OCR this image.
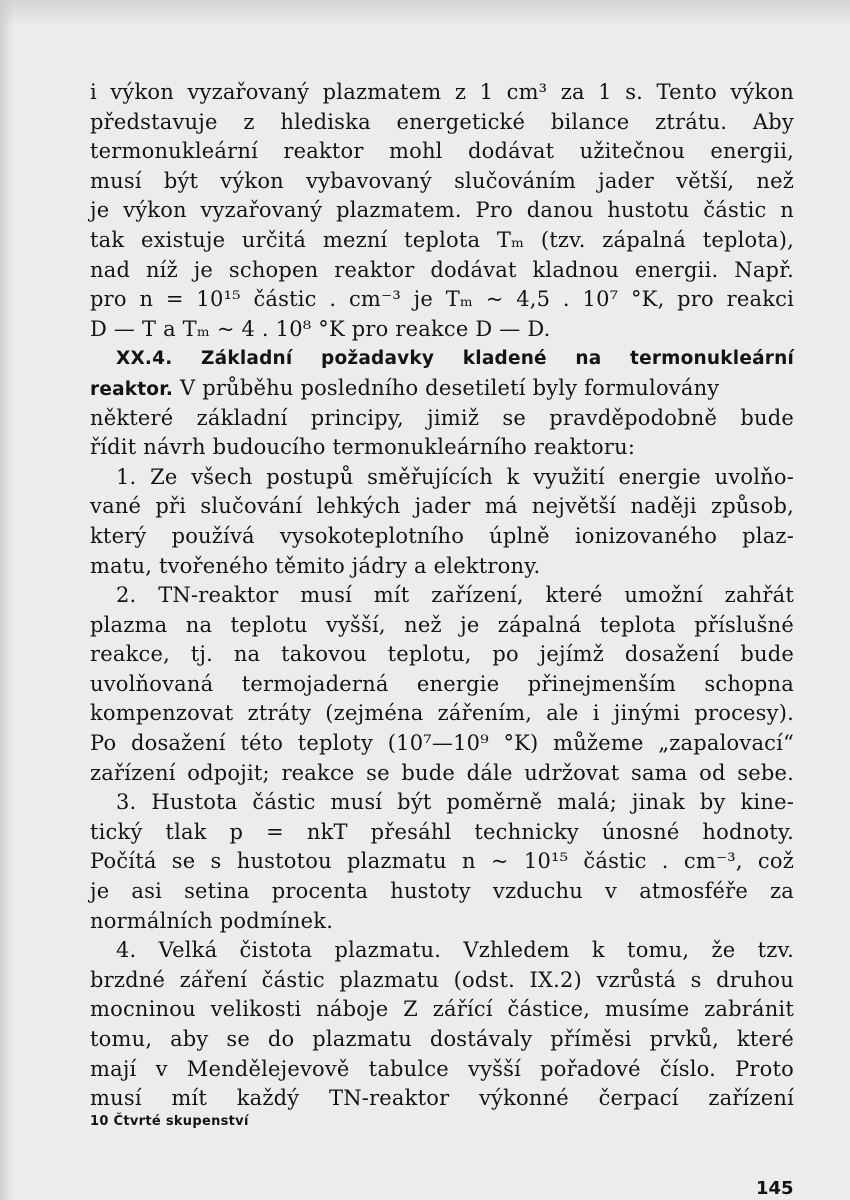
i výkon vyzařovaný plazmatem z 1 cm³ za 1 s. Tento výkon
představuje z hlediska energetické bilance ztrátu. Aby
termonukleární reaktor mohl dodávat užitečnou energii,
musí být výkon vybavovaný slučováním jader větší, než
je výkon vyzařovaný plazmatem. Pro danou hustotu částic n
tak existuje určitá mezní teplota Tₘ (tzv. zápalná teplota),
nad níž je schopen reaktor dodávat kladnou energii. Např.
pro n = 10¹⁵ částic . cm⁻³ je Tₘ ~ 4,5 . 10⁷ °K, pro reakci
D — T a Tₘ ~ 4 . 10⁸ °K pro reakce D — D.
XX.4. Základní požadavky kladené na termonukleární
reaktor. V průběhu posledního desetiletí byly formulovány
některé základní principy, jimiž se pravděpodobně bude
řídit návrh budoucího termonukleárního reaktoru:
1. Ze všech postupů směřujících k využití energie uvolňo-
vané při slučování lehkých jader má největší naději způsob,
který používá vysokoteplotního úplně ionizovaného plaz-
matu, tvořeného těmito jádry a elektrony.
2. TN-reaktor musí mít zařízení, které umožní zahřát
plazma na teplotu vyšší, než je zápalná teplota příslušné
reakce, tj. na takovou teplotu, po jejímž dosažení bude
uvolňovaná termojaderná energie přinejmenším schopna
kompenzovat ztráty (zejména zářením, ale i jinými procesy).
Po dosažení této teploty (10⁷—10⁹ °K) můžeme „zapalovací“
zařízení odpojit; reakce se bude dále udržovat sama od sebe.
3. Hustota částic musí být poměrně malá; jinak by kine-
tický tlak p = nkT přesáhl technicky únosné hodnoty.
Počítá se s hustotou plazmatu n ~ 10¹⁵ částic . cm⁻³, což
je asi setina procenta hustoty vzduchu v atmosféře za
normálních podmínek.
4. Velká čistota plazmatu. Vzhledem k tomu, že tzv.
brzdné záření částic plazmatu (odst. IX.2) vzrůstá s druhou
mocninou velikosti náboje Z zářící částice, musíme zabránit
tomu, aby se do plazmatu dostávaly příměsi prvků, které
mají v Mendělejevově tabulce vyšší pořadové číslo. Proto
musí mít každý TN-reaktor výkonné čerpací zařízení
10 Čtvrté skupenství
145
